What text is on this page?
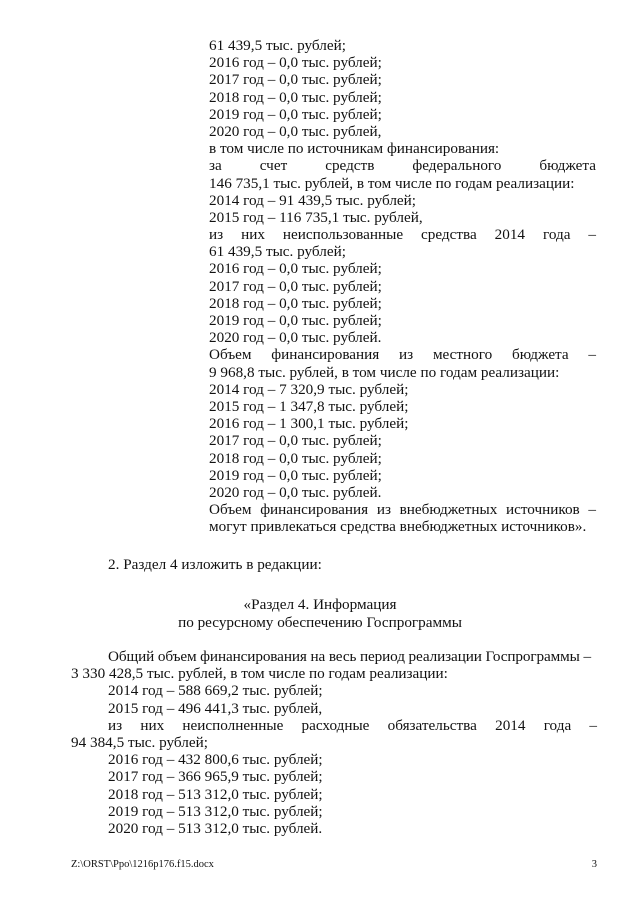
61 439,5 тыс. рублей;
2016 год – 0,0 тыс. рублей;
2017 год – 0,0 тыс. рублей;
2018 год – 0,0 тыс. рублей;
2019 год – 0,0 тыс. рублей;
2020 год – 0,0 тыс. рублей,
в том числе по источникам финансирования:
за счет средств федерального бюджета
146 735,1 тыс. рублей, в том числе по годам реализации:
2014 год – 91 439,5 тыс. рублей;
2015 год – 116 735,1 тыс. рублей,
из них неиспользованные средства 2014 года –
61 439,5 тыс. рублей;
2016 год – 0,0 тыс. рублей;
2017 год – 0,0 тыс. рублей;
2018 год – 0,0 тыс. рублей;
2019 год – 0,0 тыс. рублей;
2020 год – 0,0 тыс. рублей.
Объем финансирования из местного бюджета –
9 968,8 тыс. рублей, в том числе по годам реализации:
2014 год – 7 320,9 тыс. рублей;
2015 год – 1 347,8 тыс. рублей;
2016 год – 1 300,1 тыс. рублей;
2017 год – 0,0 тыс. рублей;
2018 год – 0,0 тыс. рублей;
2019 год – 0,0 тыс. рублей;
2020 год – 0,0 тыс. рублей.
Объем финансирования из внебюджетных источников –
могут привлекаться средства внебюджетных источников».
2. Раздел 4 изложить в редакции:
«Раздел 4. Информация
по ресурсному обеспечению Госпрограммы
Общий объем финансирования на весь период реализации Госпрограммы –
3 330 428,5 тыс. рублей, в том числе по годам реализации:
2014 год – 588 669,2 тыс. рублей;
2015 год – 496 441,3 тыс. рублей,
из них неисполненные расходные обязательства 2014 года –
94 384,5 тыс. рублей;
2016 год – 432 800,6 тыс. рублей;
2017 год – 366 965,9 тыс. рублей;
2018 год – 513 312,0 тыс. рублей;
2019 год – 513 312,0 тыс. рублей;
2020 год – 513 312,0 тыс. рублей.
Z:\ORST\Ppo\1216p176.f15.docx	3
